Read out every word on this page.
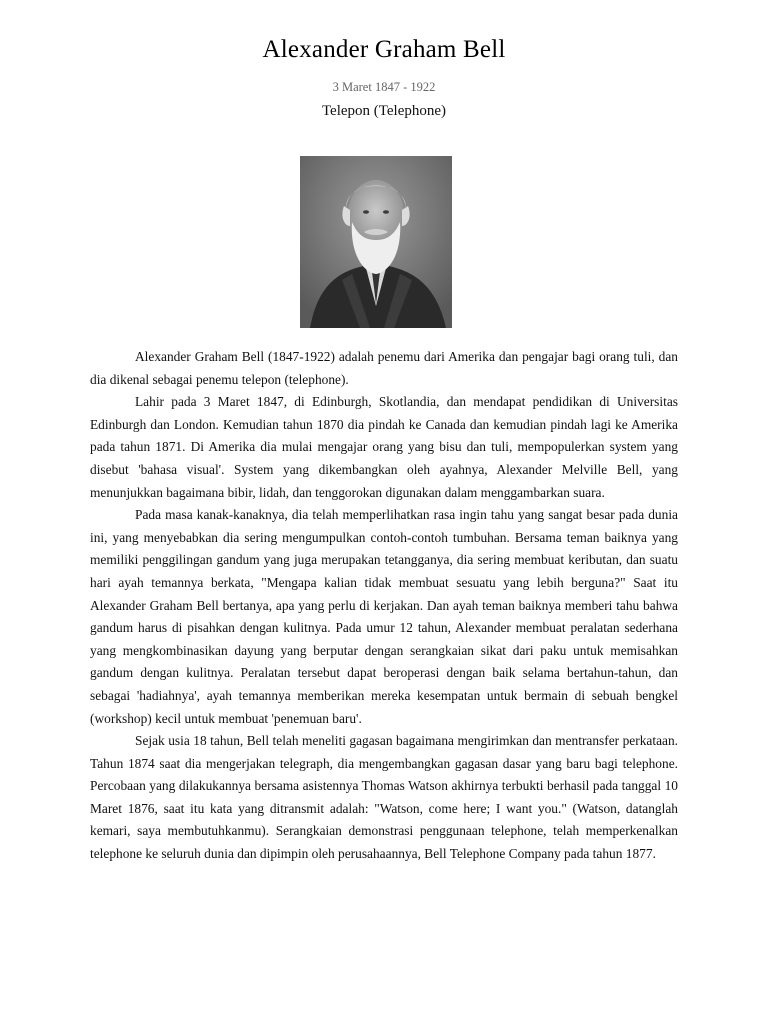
Alexander Graham Bell
3 Maret 1847 - 1922
Telepon (Telephone)

Alexander Graham Bell (1847-1922) adalah penemu dari Amerika dan pengajar bagi orang tuli, dan dia dikenal sebagai penemu telepon (telephone).

Lahir pada 3 Maret 1847, di Edinburgh, Skotlandia, dan mendapat pendidikan di Universitas Edinburgh dan London. Kemudian tahun 1870 dia pindah ke Canada dan kemudian pindah lagi ke Amerika pada tahun 1871. Di Amerika dia mulai mengajar orang yang bisu dan tuli, mempopulerkan system yang disebut 'bahasa visual'. System yang dikembangkan oleh ayahnya, Alexander Melville Bell, yang menunjukkan bagaimana bibir, lidah, dan tenggorokan digunakan dalam menggambarkan suara.

Pada masa kanak-kanaknya, dia telah memperlihatkan rasa ingin tahu yang sangat besar pada dunia ini, yang menyebabkan dia sering mengumpulkan contoh-contoh tumbuhan. Bersama teman baiknya yang memiliki penggilingan gandum yang juga merupakan tetangganya, dia sering membuat keributan, dan suatu hari ayah temannya berkata, "Mengapa kalian tidak membuat sesuatu yang lebih berguna?" Saat itu Alexander Graham Bell bertanya, apa yang perlu di kerjakan. Dan ayah teman baiknya memberi tahu bahwa gandum harus di pisahkan dengan kulitnya. Pada umur 12 tahun, Alexander membuat peralatan sederhana yang mengkombinasikan dayung yang berputar dengan serangkaian sikat dari paku untuk memisahkan gandum dengan kulitnya. Peralatan tersebut dapat beroperasi dengan baik selama bertahun-tahun, dan sebagai 'hadiahnya', ayah temannya memberikan mereka kesempatan untuk bermain di sebuah bengkel (workshop) kecil untuk membuat 'penemuan baru'.

Sejak usia 18 tahun, Bell telah meneliti gagasan bagaimana mengirimkan dan mentransfer perkataan. Tahun 1874 saat dia mengerjakan telegraph, dia mengembangkan gagasan dasar yang baru bagi telephone. Percobaan yang dilakukannya bersama asistennya Thomas Watson akhirnya terbukti berhasil pada tanggal 10 Maret 1876, saat itu kata yang ditransmit adalah: "Watson, come here; I want you." (Watson, datanglah kemari, saya membutuhkanmu). Serangkaian demonstrasi penggunaan telephone, telah memperkenalkan telephone ke seluruh dunia dan dipimpin oleh perusahaannya, Bell Telephone Company pada tahun 1877.
